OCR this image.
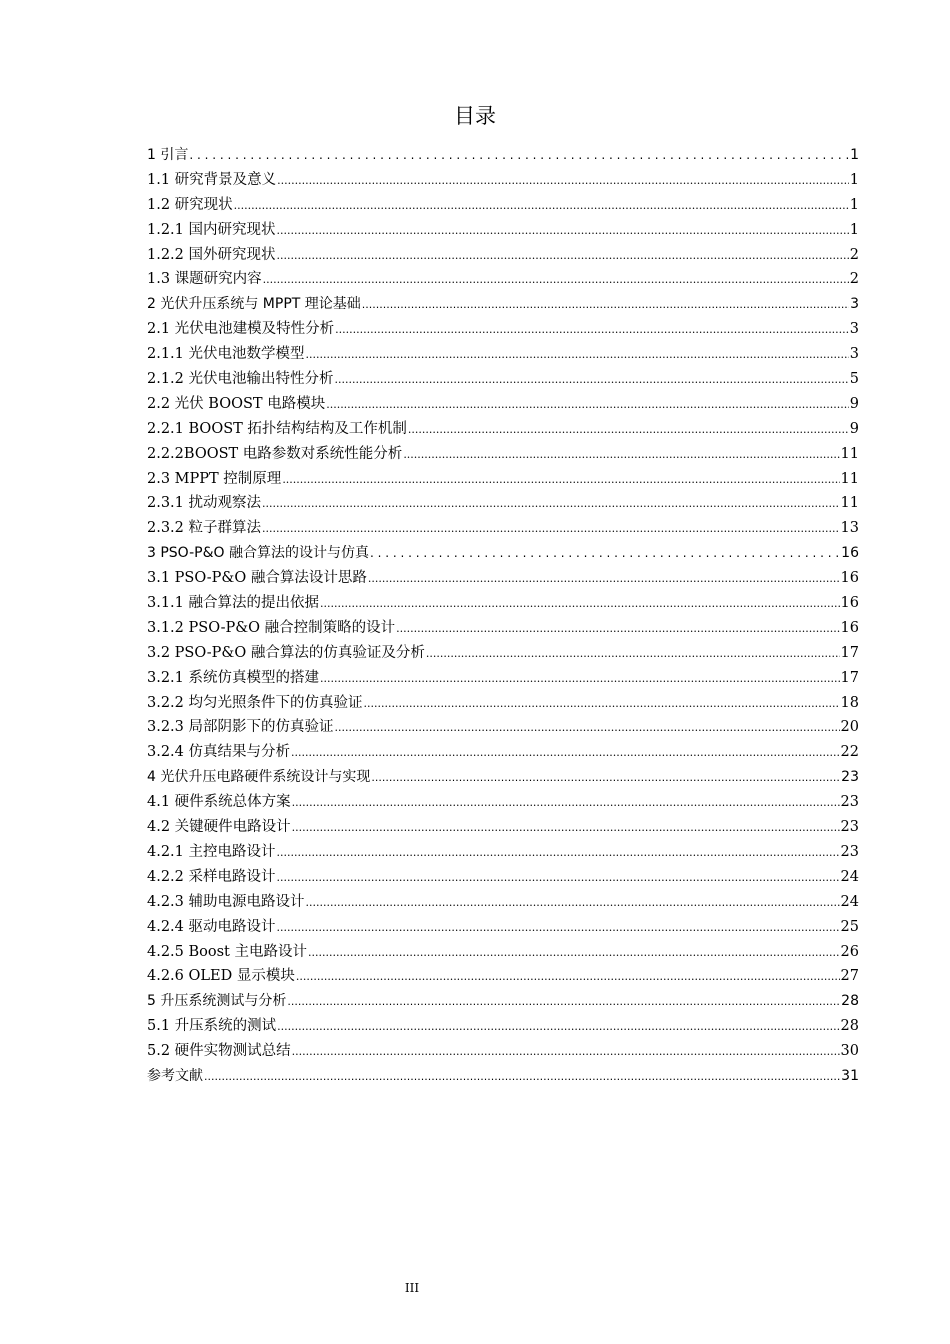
目录
1 引言 . . .	1
1.1 研究背景及意义 .....	1
1.2 研究现状 .....	1
1.2.1 国内研究现状 .....	1
1.2.2 国外研究现状 .....	2
1.3 课题研究内容 .....	2
2 光伏升压系统与 MPPT 理论基础 .....	3
2.1 光伏电池建模及特性分析 .....	3
2.1.1 光伏电池数学模型 .....	3
2.1.2 光伏电池输出特性分析 .....	5
2.2 光伏 BOOST 电路模块 .....	9
2.2.1 BOOST 拓扑结构结构及工作机制 .....	9
2.2.2BOOST 电路参数对系统性能分析 .....	11
2.3 MPPT 控制原理 .....	11
2.3.1 扰动观察法 .....	11
2.3.2 粒子群算法 .....	13
3 PSO-P&O 融合算法的设计与仿真 . . .	16
3.1 PSO-P&O 融合算法设计思路 .....	16
3.1.1 融合算法的提出依据 .....	16
3.1.2 PSO-P&O 融合控制策略的设计 .....	16
3.2 PSO-P&O 融合算法的仿真验证及分析 .....	17
3.2.1 系统仿真模型的搭建 .....	17
3.2.2 均匀光照条件下的仿真验证 .....	18
3.2.3 局部阴影下的仿真验证 .....	20
3.2.4 仿真结果与分析 .....	22
4 光伏升压电路硬件系统设计与实现 .....	23
4.1 硬件系统总体方案 .....	23
4.2 关键硬件电路设计 .....	23
4.2.1 主控电路设计 .....	23
4.2.2 采样电路设计 .....	24
4.2.3 辅助电源电路设计 .....	24
4.2.4 驱动电路设计 .....	25
4.2.5 Boost 主电路设计 .....	26
4.2.6 OLED 显示模块 .....	27
5 升压系统测试与分析 .....	28
5.1 升压系统的测试 .....	28
5.2 硬件实物测试总结 .....	30
参考文献 .....	31
III
